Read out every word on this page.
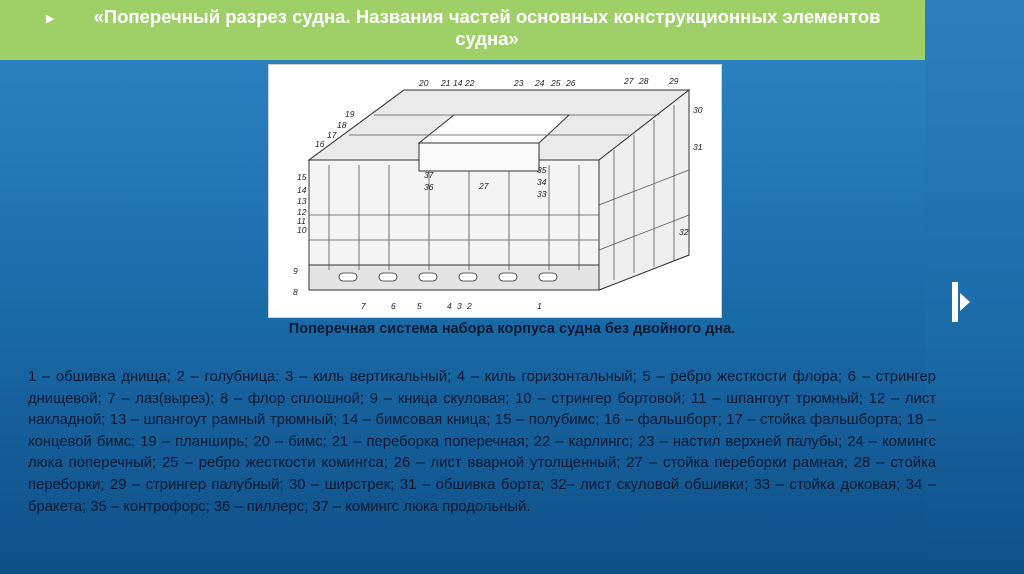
▶	«Поперечный разрез судна. Названия частей основных конструкционных элементов судна»
20 21 14 22	23 24 25 26	27 28 29
30
19
18
17
16	31
15
14
13
12
11
10
37
36	27
35
34
33
32
9
8
7	6	5	4 3 2	1
Поперечная система набора корпуса судна без двойного дна.
1 – обшивка днища; 2 – голубница; 3 – киль вертикальный; 4 – киль горизонтальный; 5 – ребро жесткости флора; 6 – стрингер днищевой; 7 – лаз(вырез); 8 – флор сплошной; 9 – кница скуловая; 10 – стрингер бортовой; 11 – шпангоут трюмный; 12 – лист накладной; 13 – шпангоут рамный трюмный; 14 – бимсовая кница; 15 – полубимс; 16 – фальшборт; 17 – стойка фальшборта; 18 – концевой бимс; 19 – планширь; 20 – бимс; 21 – переборка поперечная; 22 – карлингс; 23 – настил верхней палубы; 24 – комингс люка поперечный; 25 – ребро жесткости комингса; 26 – лист вварной утолщенный; 27 – стойка переборки рамная; 28 – стойка переборки; 29 – стрингер палубный; 30 – ширстрек; 31 – обшивка борта; 32– лист скуловой обшивки; 33 – стойка доковая; 34 – бракета; 35 – контрофорс; 36 – пиллерс; 37 – комингс люка продольный.
